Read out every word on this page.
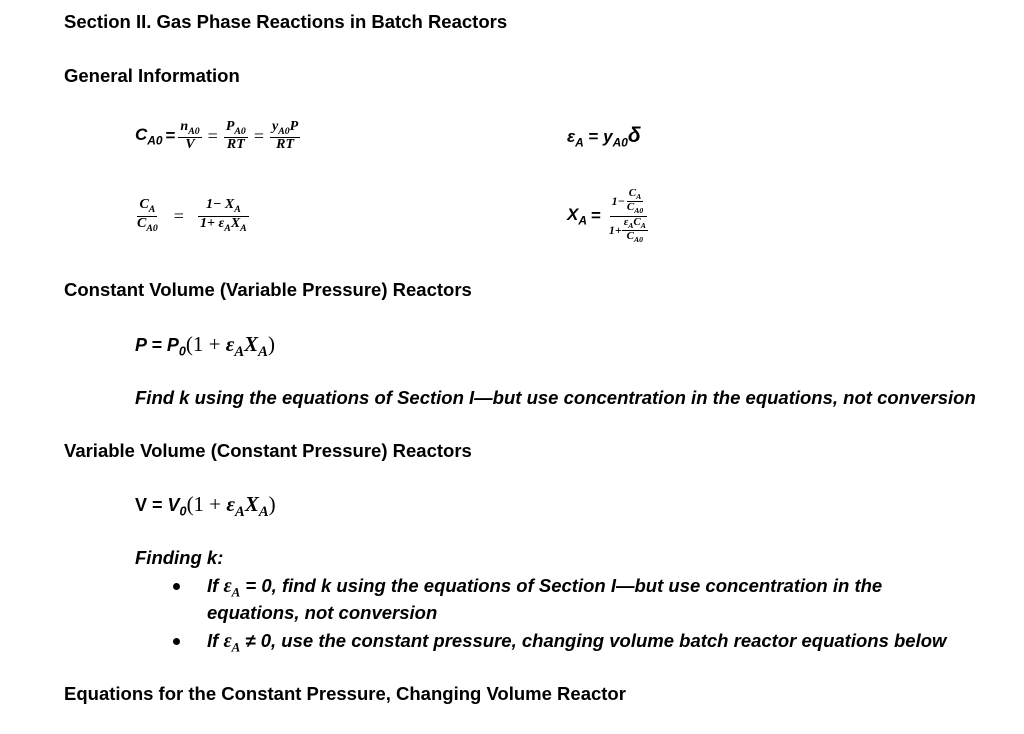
Section II. Gas Phase Reactions in Batch Reactors
General Information
$C_{A0} = \frac{n_{A0}}{V} = \frac{P_{A0}}{RT} = \frac{y_{A0}P}{RT}$	$\varepsilon_A = y_{A0}\delta$
$\frac{C_A}{C_{A0}} = \frac{1- X_A}{1+ \varepsilon_AX_A}$	$X_A = \frac{1- \frac{C_A}{C_{A0}}}{1+ \frac{\varepsilon_AC_A}{C_{A0}}}$
Constant Volume (Variable Pressure) Reactors
$P = P_0(1 + \varepsilon_AX_A)$
Find k using the equations of Section I—but use concentration in the equations, not conversion
Variable Volume (Constant Pressure) Reactors
$V = V_0(1 + \varepsilon_AX_A)$
Finding k:
If $\varepsilon_A = 0$, find k using the equations of Section I—but use concentration in the
equations, not conversion
If $\varepsilon_A \ne 0$, use the constant pressure, changing volume batch reactor equations below
Equations for the Constant Pressure, Changing Volume Reactor
